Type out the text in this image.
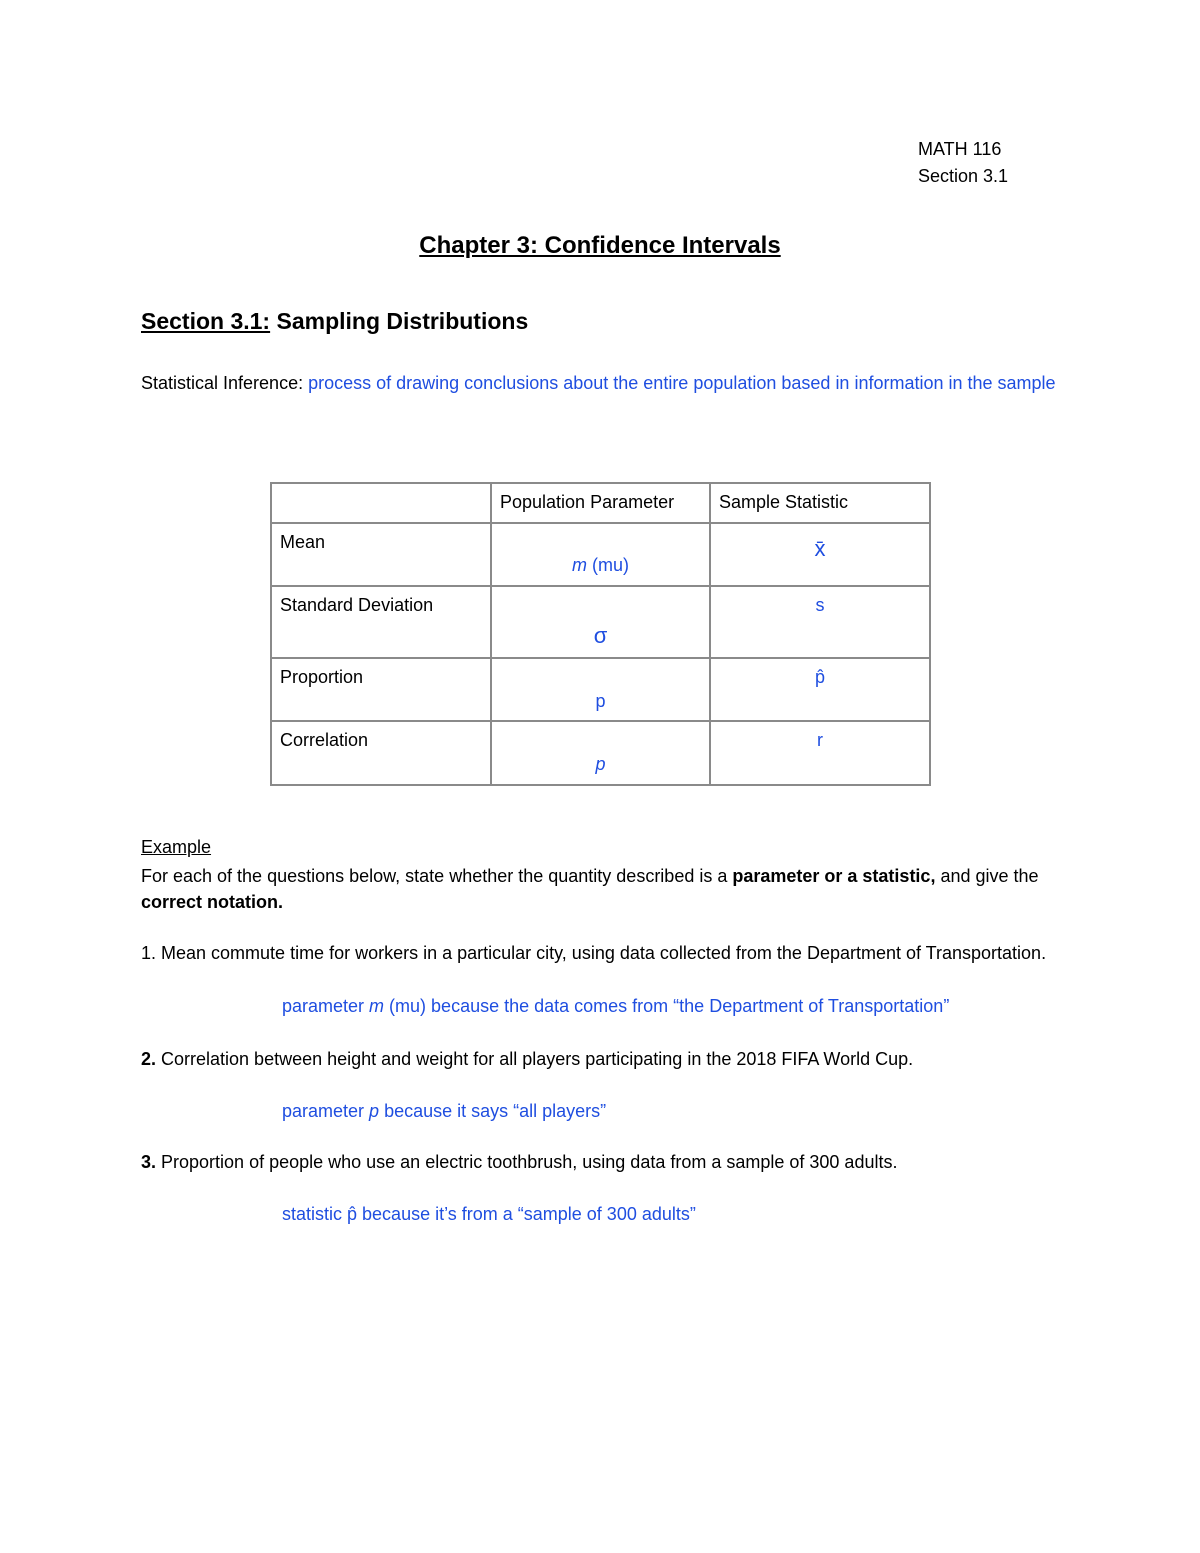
MATH 116
Section 3.1
Chapter 3: Confidence Intervals
Section 3.1: Sampling Distributions
Statistical Inference: process of drawing conclusions about the entire population based in information in the sample

	Population Parameter	Sample Statistic

Mean	m (mu)	x̄

Standard Deviation	σ	s

Proportion	p	p̂

Correlation	p	r
Example
For each of the questions below, state whether the quantity described is a parameter or a statistic, and give the correct notation.
1. Mean commute time for workers in a particular city, using data collected from the Department of Transportation.
parameter m (mu) because the data comes from “the Department of Transportation”
2. Correlation between height and weight for all players participating in the 2018 FIFA World Cup.
parameter p because it says “all players”
3. Proportion of people who use an electric toothbrush, using data from a sample of 300 adults.
statistic p̂ because it’s from a “sample of 300 adults”
